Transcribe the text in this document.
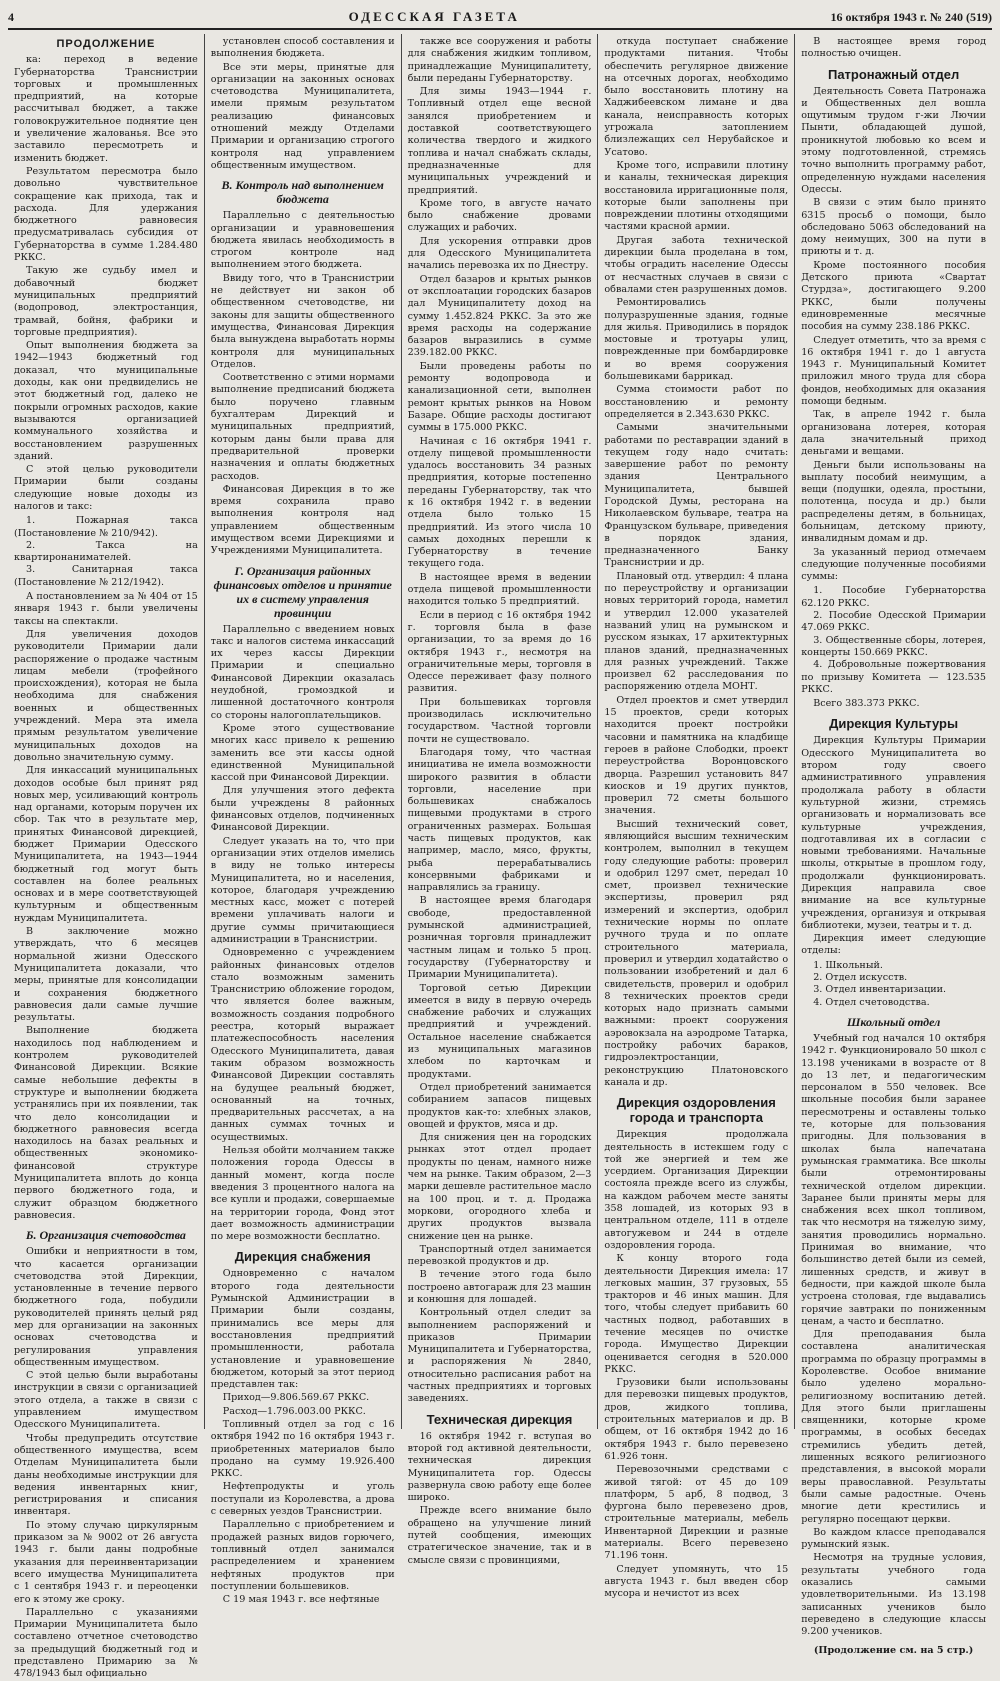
4	ОДЕССКАЯ ГАЗЕТА	16 октября 1943 г. № 240 (519)
ПРОДОЛЖЕНИЕ

ка: переход в ведение Губернаторства Транснистрии торговых и промышленных предприятий, на которые рассчитывал бюджет, а также головокружительное поднятие цен и увеличение жалованья. Все это заставило пересмотреть и изменить бюджет.

Результатом пересмотра было довольно чувствительное сокращение как прихода, так и расхода. Для удержания бюджетного равновесия предусматривалась субсидия от Губернаторства в сумме 1.284.480 РККС.

Такую же судьбу имел и добавочный бюджет муниципальных предприятий (водопровод, электростанция, трамвай, бойня, фабрики и торговые предприятия).

Опыт выполнения бюджета за 1942—1943 бюджетный год доказал, что муниципальные доходы, как они предвиделись не этот бюджетный год, далеко не покрыли огромных расходов, какие вызываются организацией коммунального хозяйства и восстановлением разрушенных зданий.

С этой целью руководители Примарии были созданы следующие новые доходы из налогов и такс:

1. Пожарная такса (Постановление № 210/942).
2. Такса на квартиронанимателей.
3. Санитарная такса (Постановление № 212/1942).

А постановлением за № 404 от 15 января 1943 г. были увеличены таксы на спектакли.

Для увеличения доходов руководители Примарии дали распоряжение о продаже частным лицам мебели (трофейного происхождения), которая не была необходима для снабжения военных и общественных учреждений. Мера эта имела прямым результатом увеличение муниципальных доходов на довольно значительную сумму.

Для инкассаций муниципальных доходов особые был принят ряд новых мер, усиливающий контроль над органами, которым поручен их сбор. Так что в результате мер, принятых Финансовой дирекцией, бюджет Примарии Одесского Муниципалитета, на 1943—1944 бюджетный год могут быть составлен на более реальных основах и в мере соответствующей культурным и общественным нуждам Муниципалитета.

В заключение можно утверждать, что 6 месяцев нормальной жизни Одесского Муниципалитета доказали, что меры, принятые для консолидации и сохранения бюджетного равновесия дали самые лучшие результаты.

Выполнение бюджета находилось под наблюдением и контролем руководителей Финансовой Дирекции. Всякие самые небольшие дефекты в структуре и выполнении бюджета устранялись при их появлении, так что дело консолидации и бюджетного равновесия всегда находилось на базах реальных и общественных экономико-финансовой структуре Муниципалитета вплоть до конца первого бюджетного года, и служит образцом бюджетного равновесия.

Б. Организация счетоводства

Ошибки и неприятности в том, что касается организации счетоводства этой Дирекции, установленные в течение первого бюджетного года, побудили руководителей принять целый ряд мер для организации на законных основах счетоводства и регулирования управления общественным имуществом.

С этой целью были выработаны инструкции в связи с организацией этого отдела, а также в связи с управлением имуществом Одесского Муниципалитета.

Чтобы предупредить отсутствие общественного имущества, всем Отделам Муниципалитета были даны необходимые инструкции для ведения инвентарных книг, регистрирования и списания инвентаря.

По этому случаю циркулярным приказом за № 9002 от 26 августа 1943 г. были даны подробные указания для переинвентаризации всего имущества Муниципалитета с 1 сентября 1943 г. и переоценки его к этому же сроку.

Параллельно с указаниями Примарии Муниципалитета было составлено отчетное счетоводство за предыдущий бюджетный год и представлено Примарию за № 478/1943 был официально

установлен способ составления и выполнения бюджета.

Все эти меры, принятые для организации на законных основах счетоводства Муниципалитета, имели прямым результатом реализацию финансовых отношений между Отделами Примарии и организацию строгого контроля над управлением общественным имуществом.

В. Контроль над выполнением бюджета

Параллельно с деятельностью организации и уравновешения бюджета явилась необходимость в строгом контроле над выполнением этого бюджета.

Ввиду того, что в Транснистрии не действует ни закон об общественном счетоводстве, ни законы для защиты общественного имущества, Финансовая Дирекция была вынуждена выработать нормы контроля для муниципальных Отделов.

Соответственно с этими нормами выполнение предписаний бюджета было поручено главным бухгалтерам Дирекций и муниципальных предприятий, которым даны были права для предварительной проверки назначения и оплаты бюджетных расходов.

Финансовая Дирекция в то же время сохранила право выполнения контроля над управлением общественным имуществом всеми Дирекциями и Учреждениями Муниципалитета.

Г. Организация районных финансовых отделов и принятие их в систему управления провинции

Параллельно с введением новых такс и налогов система инкассаций их через кассы Дирекции Примарии и специально Финансовой Дирекции оказалась неудобной, громоздкой и лишенной достаточного контроля со стороны налогоплательщиков.

Кроме этого существование многих касс привело к решению заменить все эти кассы одной единственной Муниципальной кассой при Финансовой Дирекции.

Для улучшения этого дефекта были учреждены 8 районных финансовых отделов, подчиненных Финансовой Дирекции.

Следует указать на то, что при организации этих отделов имелись в виду не только интересы Муниципалитета, но и населения, которое, благодаря учреждению местных касс, может с потерей времени уплачивать налоги и другие суммы причитающиеся администрации в Транснистрии.

Одновременно с учреждением районных финансовых отделов стало возможным заменить Транснистрию обложение городом, что является более важным, возможность создания подробного реестра, который выражает платежеспособность населения Одесского Муниципалитета, давая таким образом возможность Финансовой Дирекции составлять на будущее реальный бюджет, основанный на точных, предварительных рассчетах, а на данных суммах точных и осуществимых.

Нельзя обойти молчанием также положения города Одессы в данный момент, когда после введения 3 процентного налога на все купли и продажи, совершаемые на территории города, Фонд этот дает возможность администрации по мере возможности бесплатно.

Дирекция снабжения

Одновременно с началом второго года деятельности Румынской Администрации в Примарии были созданы, принимались все меры для восстановления предприятий промышленности, работала установление и уравновешение бюджетом, который за этот период представлен так:

Приход—9.806.569.67 РККС.

Расход—1.796.003.00 РККС.

Топливный отдел за год с 16 октября 1942 по 16 октября 1943 г. приобретенных материалов было продано на сумму 19.926.400 РККС.

Нефтепродукты и уголь поступали из Королевства, а дрова с северных уездов Транснистрии.

Параллельно с приобретением и продажей разных видов горючего, топливный отдел занимался распределением и хранением нефтяных продуктов при поступлении большевиков.

С 19 мая 1943 г. все нефтяные

также все сооружения и работы для снабжения жидким топливом, принадлежащие Муниципалитету, были переданы Губернаторству.

Для зимы 1943—1944 г. Топливный отдел еще весной занялся приобретением и доставкой соответствующего количества твердого и жидкого топлива и начал снабжать склады, предназначенные для муниципальных учреждений и предприятий.

Кроме того, в августе начато было снабжение дровами служащих и рабочих.

Для ускорения отправки дров для Одесского Муниципалитета начались перевозка их по Днестру.

Отдел базаров и крытых рынков от эксплоатации городских базаров дал Муниципалитету доход на сумму 1.452.824 РККС. За это же время расходы на содержание базаров выразились в сумме 239.182.00 РККС.

Были проведены работы по ремонту водопровода и канализационной сети, выполнен ремонт крытых рынков на Новом Базаре. Общие расходы достигают суммы в 175.000 РККС.

Начиная с 16 октября 1941 г. отделу пищевой промышленности удалось восстановить 34 разных предприятия, которые постепенно переданы Губернаторству, так что к 16 октября 1942 г. в ведении отдела было только 15 предприятий. Из этого числа 10 самых доходных перешли к Губернаторству в течение текущего года.

В настоящее время в ведении отдела пищевой промышленности находится только 5 предприятий.

Если в период с 16 октября 1942 г. торговля была в фазе организации, то за время до 16 октября 1943 г., несмотря на ограничительные меры, торговля в Одессе переживает фазу полного развития.

При большевиках торговля производилась исключительно государством. Частной торговли почти не существовало.

Благодаря тому, что частная инициатива не имела возможности широкого развития в области торговли, население при большевиках снабжалось пищевыми продуктами в строго ограниченных размерах. Большая часть пищевых продуктов, как например, масло, мясо, фрукты, рыба перерабатывались консервными фабриками и направлялись за границу.

В настоящее время благодаря свободе, предоставленной румынской администрацией, розничная торговля принадлежит частным лицам и только 5 проц. государству (Губернаторству и Примарии Муниципалитета).

Торговой сетью Дирекции имеется в виду в первую очередь снабжение рабочих и служащих предприятий и учреждений. Остальное население снабжается из муниципальных магазинов хлебом по карточкам и продуктами.

Отдел приобретений занимается собиранием запасов пищевых продуктов как-то: хлебных злаков, овощей и фруктов, мяса и др.

Для снижения цен на городских рынках этот отдел продает продукты по ценам, намного ниже чем на рынке. Таким образом, 2—3 марки дешевле растительное масло на 100 проц. и т. д. Продажа моркови, огородного хлеба и других продуктов вызвала снижение цен на рынке.

Транспортный отдел занимается перевозкой продуктов и др.

В течение этого года было построено автогараж для 23 машин и конюшня для лошадей.

Контрольный отдел следит за выполнением распоряжений и приказов Примарии Муниципалитета и Губернаторства, и распоряжения № 2840, относительно расписания работ на частных предприятиях и торговых заведениях.

Техническая дирекция

16 октября 1942 г. вступая во второй год активной деятельности, техническая дирекция Муниципалитета гор. Одессы развернула свою работу еще более широко.

Прежде всего внимание было обращено на улучшение линий путей сообщения, имеющих стратегическое значение, так и в смысле связи с провинциями,

откуда поступает снабжение продуктами питания. Чтобы обеспечить регулярное движение на отсечных дорогах, необходимо было восстановить плотину на Хаджибеевском лимане и два канала, неисправность которых угрожала затоплением близлежащих сел Нерубайское и Усатово.

Кроме того, исправили плотину и каналы, техническая дирекция восстановила ирригационные поля, которые были заполнены при повреждении плотины отходящими частями красной армии.

Другая забота технической дирекции была проделана в том, чтобы оградить население Одессы от несчастных случаев в связи с обвалами стен разрушенных домов.

Ремонтировались полуразрушенные здания, годные для жилья. Приводились в порядок мостовые и тротуары улиц, поврежденные при бомбардировке и во время сооружения большевиками баррикад.

Сумма стоимости работ по восстановлению и ремонту определяется в 2.343.630 РККС.

Самыми значительными работами по реставрации зданий в текущем году надо считать: завершение работ по ремонту здания Центрального Муниципалитета, бывшей Городской Думы, ресторана на Николаевском бульваре, театра на Французском бульваре, приведения в порядок здания, предназначенного Банку Транснистрии и др.

Плановый отд. утвердил: 4 плана по переустройству и организации новых территорий города, наметил и утвердил 12.000 указателей названий улиц на румынском и русском языках, 17 архитектурных планов зданий, предназначенных для разных учреждений. Также произвел 62 расследования по распоряжению отдела МОНТ.

Отдел проектов и смет утвердил 15 проектов, среди которых находится проект постройки часовни и памятника на кладбище героев в районе Слободки, проект переустройства Воронцовского дворца. Разрешил установить 847 киосков и 19 других пунктов, проверил 72 сметы большого значения.

Высший технический совет, являющийся высшим техническим контролем, выполнил в текущем году следующие работы: проверил и одобрил 1297 смет, передал 10 смет, произвел технические экспертизы, проверил ряд измерений и экспертиз, одобрил технические нормы по оплате ручного труда и по оплате строительного материала, проверил и утвердил ходатайство о пользовании изобретений и дал 6 свидетельств, проверил и одобрил 8 технических проектов среди которых надо признать самыми важными: проект сооружения аэровокзала на аэродроме Татарка, постройку рабочих бараков, гидроэлектростанции, реконструкцию Платоновского канала и др.

Дирекция оздоровления города и транспорта

Дирекция продолжала деятельность в истекшем году с той же энергией и тем же усердием. Организация Дирекции состояла прежде всего из службы, на каждом рабочем месте заняты 358 лошадей, из которых 93 в центральном отделе, 111 в отделе автогужевом и 244 в отделе оздоровления города.

К концу второго года деятельности Дирекция имела: 17 легковых машин, 37 грузовых, 55 тракторов и 46 иных машин. Для того, чтобы следует прибавить 60 частных подвод, работавших в течение месяцев по очистке города. Имущество Дирекции оценивается сегодня в 520.000 РККС.

Грузовики были использованы для перевозки пищевых продуктов, дров, жидкого топлива, строительных материалов и др. В общем, от 16 октября 1942 до 16 октября 1943 г. было перевезено 61.926 тонн.

Перевозочными средствами с живой тягой: от 45 до 109 платформ, 5 арб, 8 подвод, 3 фургона было перевезено дров, строительные материалы, мебель Инвентарной Дирекции и разные материалы. Всего перевезено 71.196 тонн.

Следует упомянуть, что 15 августа 1943 г. был введен сбор мусора и нечистот из всех

В настоящее время город полностью очищен.

Патронажный отдел

Деятельность Совета Патронажа и Общественных дел вошла ощутимым трудом г-жи Лючии Пынти, обладающей душой, проникнутой любовью ко всем и этому подготовленной, стремясь точно выполнить программу работ, определенную нуждами населения Одессы.

В связи с этим было принято 6315 просьб о помощи, было обследовано 5063 обследований на дому неимущих, 300 на пути в приюты и т. д.

Кроме постоянного пособия Детского приюта «Свартат Стурдза», достигающего 9.200 РККС, были получены единовременные месячные пособия на сумму 238.186 РККС.

Следует отметить, что за время с 16 октября 1941 г. до 1 августа 1943 г. Муниципальный Комитет приложил много труда для сбора фондов, необходимых для оказания помощи бедным.

Так, в апреле 1942 г. была организована лотерея, которая дала значительный приход деньгами и вещами.

Деньги были использованы на выплату пособий неимущим, а вещи (подушки, одеяла, простыни, полотенца, посуда и др.) были распределены детям, в больницах, больницам, детскому приюту, инвалидным домам и др.

За указанный период отмечаем следующие полученные пособиями суммы:

1. Пособие Губернаторства 62.120 РККС.
2. Пособие Одесской Примарии 47.069 РККС.
3. Общественные сборы, лотерея, концерты 150.669 РККС.
4. Добровольные пожертвования по призыву Комитета — 123.535 РККС.

Всего 383.373 РККС.

Дирекция Культуры

Дирекция Культуры Примарии Одесского Муниципалитета во втором году своего административного управления продолжала работу в области культурной жизни, стремясь организовать и нормализовать все культурные учреждения, подготавливая их в согласии с новыми требованиями. Начальные школы, открытые в прошлом году, продолжали функционировать. Дирекция направила свое внимание на все культурные учреждения, организуя и открывая библиотеки, музеи, театры и т. д.

Дирекция имеет следующие отделы:

1. Школьный.
2. Отдел искусств.
3. Отдел инвентаризации.
4. Отдел счетоводства.
Школьный отдел

Учебный год начался 10 октября 1942 г. Функционировало 50 школ с 13.198 учениками в возрасте от 8 до 13 лет, и педагогическим персоналом в 550 человек. Все школьные пособия были заранее пересмотрены и оставлены только те, которые для пользования пригодны. Для пользования в школах была напечатана румынская грамматика. Все школы были отремонтированы технической отделом дирекции. Заранее были приняты меры для снабжения всех школ топливом, так что несмотря на тяжелую зиму, занятия проводились нормально. Принимая во внимание, что большинство детей были из семей, лишенных средств, и живут в бедности, при каждой школе была устроена столовая, где выдавались горячие завтраки по пониженным ценам, а часто и бесплатно.

Для преподавания была составлена аналитическая программа по образцу программы в Королевстве. Особое внимание было уделено морально-религиозному воспитанию детей. Для этого были приглашены священники, которые кроме программы, в особых беседах стремились убедить детей, лишенных всякого религиозного представления, в высокой морали веры православной. Результаты были самые радостные. Очень многие дети крестились и регулярно посещают церкви.

Во каждом классе преподавался румынский язык.

Несмотря на трудные условия, результаты учебного года оказались самыми удовлетворительными. Из 13.198 записанных учеников было переведено в следующие классы 9.200 учеников.

(Продолжение см. на 5 стр.)
